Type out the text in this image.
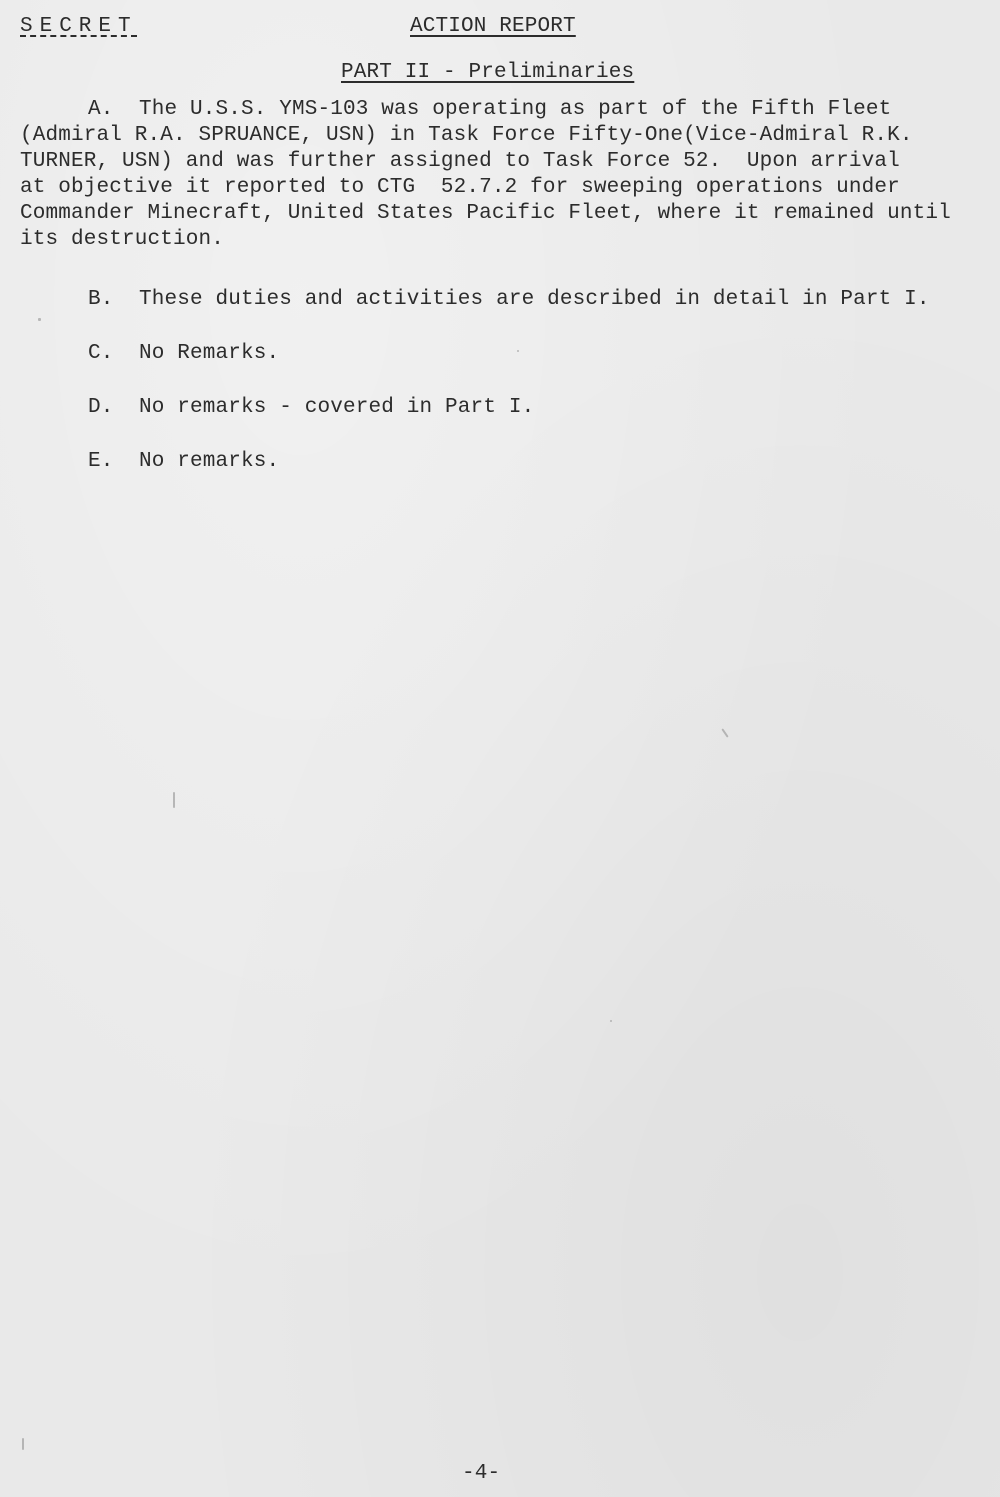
SECRET	ACTION REPORT
PART II - Preliminaries
A.  The U.S.S. YMS-103 was operating as part of the Fifth Fleet
(Admiral R.A. SPRUANCE, USN) in Task Force Fifty-One(Vice-Admiral R.K.
TURNER, USN) and was further assigned to Task Force 52.  Upon arrival
at objective it reported to CTG  52.7.2 for sweeping operations under
Commander Minecraft, United States Pacific Fleet, where it remained until
its destruction.
B.  These duties and activities are described in detail in Part I.
C.  No Remarks.
D.  No remarks - covered in Part I.
E.  No remarks.
-4-
